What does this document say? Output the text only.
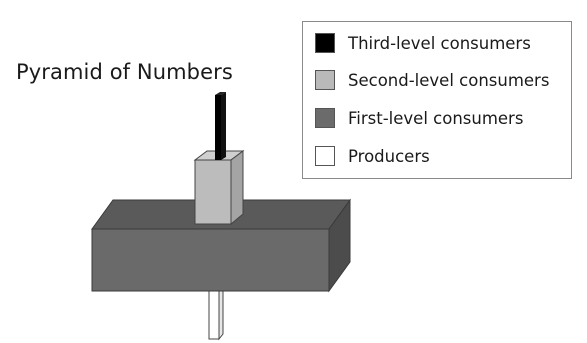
Pyramid of Numbers
Third-level consumers
Second-level consumers
First-level consumers
Producers
